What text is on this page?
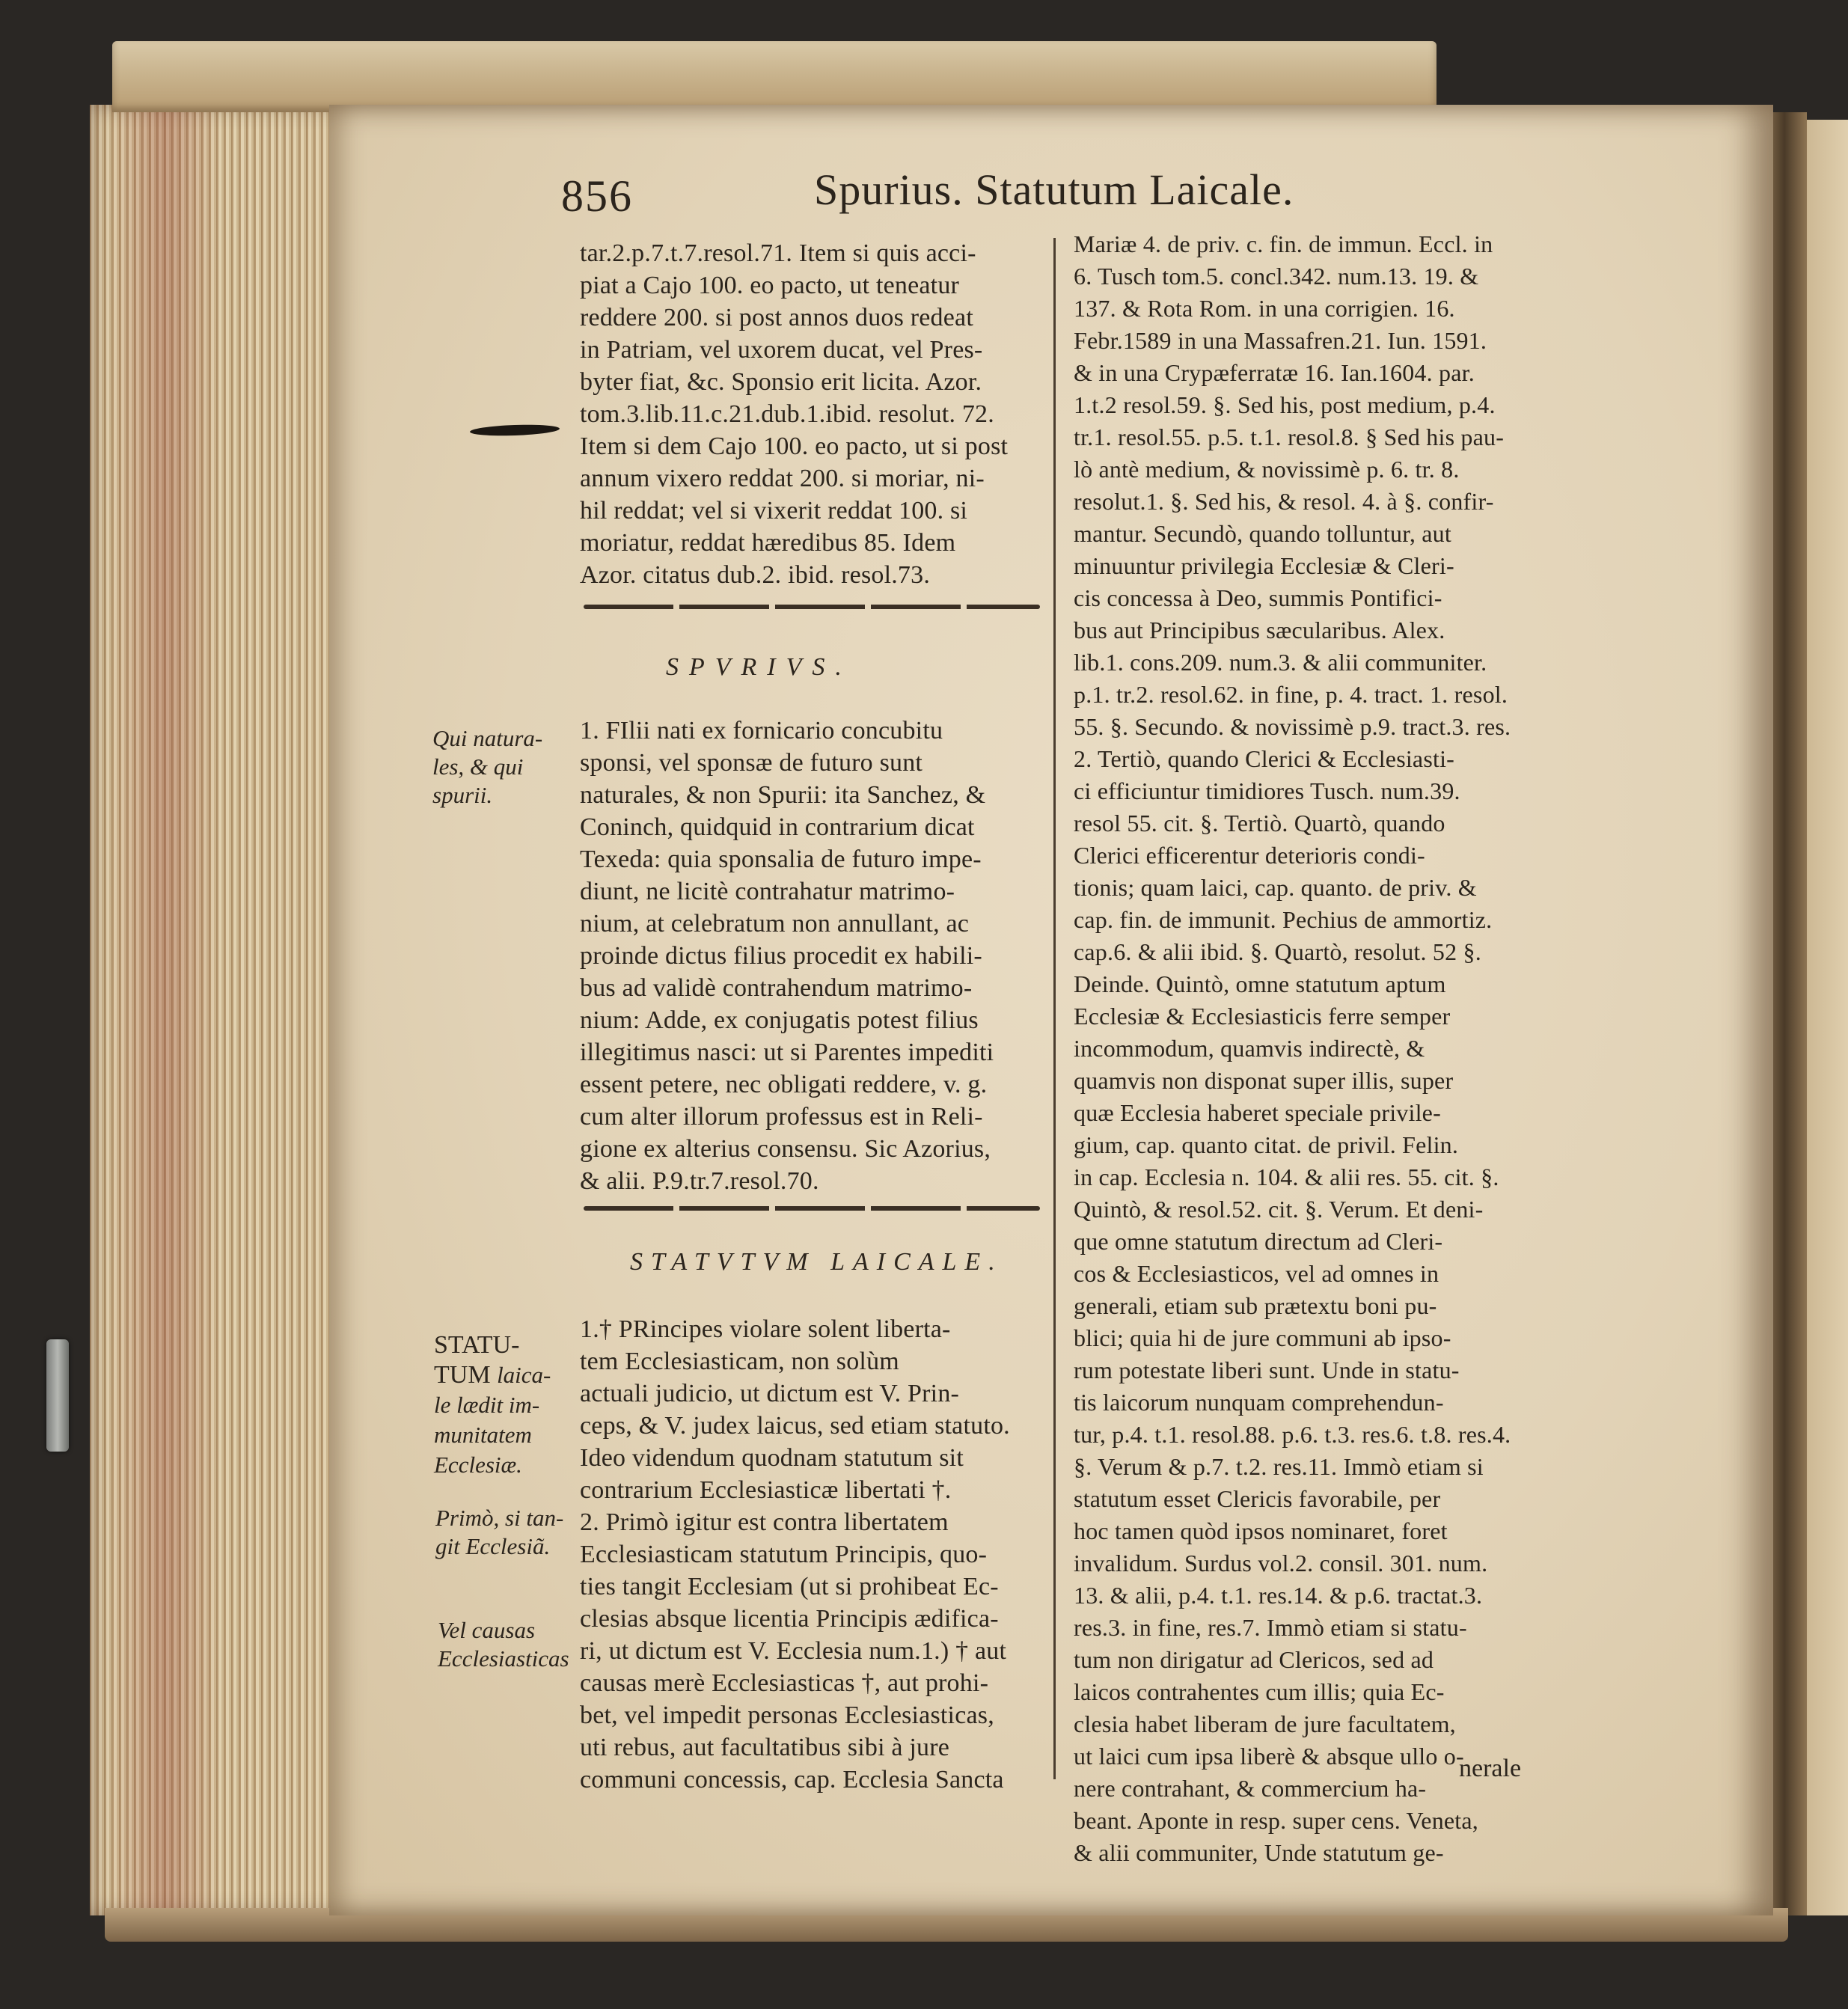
856	Spurius. Statutum Laicale.
tar.2.p.7.t.7.resol.71. Item si quis acci-
piat a Cajo 100. eo pacto, ut teneatur
reddere 200. si post annos duos redeat
in Patriam, vel uxorem ducat, vel Pres-
byter fiat, &c. Sponsio erit licita. Azor.
tom.3.lib.11.c.21.dub.1.ibid. resolut. 72.
Item si dem Cajo 100. eo pacto, ut si post
annum vixero reddat 200. si moriar, ni-
hil reddat; vel si vixerit reddat 100. si
moriatur, reddat hæredibus 85. Idem
Azor. citatus dub.2. ibid. resol.73.
SPVRIVS.
1. FIlii nati ex fornicario concubitu
sponsi, vel sponsæ de futuro sunt
naturales, & non Spurii: ita Sanchez, &
Coninch, quidquid in contrarium dicat
Texeda: quia sponsalia de futuro impe-
diunt, ne licitè contrahatur matrimo-
nium, at celebratum non annullant, ac
proinde dictus filius procedit ex habili-
bus ad validè contrahendum matrimo-
nium: Adde, ex conjugatis potest filius
illegitimus nasci: ut si Parentes impediti
essent petere, nec obligati reddere, v. g.
cum alter illorum professus est in Reli-
gione ex alterius consensu. Sic Azorius,
& alii. P.9.tr.7.resol.70.
STATVTVM LAICALE.
1.† PRincipes violare solent liberta-
tem Ecclesiasticam, non solùm
actuali judicio, ut dictum est V. Prin-
ceps, & V. judex laicus, sed etiam statuto.
Ideo videndum quodnam statutum sit
contrarium Ecclesiasticæ libertati †.
2. Primò igitur est contra libertatem
Ecclesiasticam statutum Principis, quo-
ties tangit Ecclesiam (ut si prohibeat Ec-
clesias absque licentia Principis ædifica-
ri, ut dictum est V. Ecclesia num.1.) † aut
causas merè Ecclesiasticas †, aut prohi-
bet, vel impedit personas Ecclesiasticas,
uti rebus, aut facultatibus sibi à jure
communi concessis, cap. Ecclesia Sancta
Mariæ 4. de priv. c. fin. de immun. Eccl. in
6. Tusch tom.5. concl.342. num.13. 19. &
137. & Rota Rom. in una corrigien. 16.
Febr.1589 in una Massafren.21. Iun. 1591.
& in una Crypæferratæ 16. Ian.1604. par.
1.t.2 resol.59. §. Sed his, post medium, p.4.
tr.1. resol.55. p.5. t.1. resol.8. § Sed his pau-
lò antè medium, & novissimè p. 6. tr. 8.
resolut.1. §. Sed his, & resol. 4. à §. confir-
mantur. Secundò, quando tolluntur, aut
minuuntur privilegia Ecclesiæ & Cleri-
cis concessa à Deo, summis Pontifici-
bus aut Principibus sæcularibus. Alex.
lib.1. cons.209. num.3. & alii communiter.
p.1. tr.2. resol.62. in fine, p. 4. tract. 1. resol.
55. §. Secundo. & novissimè p.9. tract.3. res.
2. Tertiò, quando Clerici & Ecclesiasti-
ci efficiuntur timidiores Tusch. num.39.
resol 55. cit. §. Tertiò. Quartò, quando
Clerici efficerentur deterioris condi-
tionis; quam laici, cap. quanto. de priv. &
cap. fin. de immunit. Pechius de ammortiz.
cap.6. & alii ibid. §. Quartò, resolut. 52 §.
Deinde. Quintò, omne statutum aptum
Ecclesiæ & Ecclesiasticis ferre semper
incommodum, quamvis indirectè, &
quamvis non disponat super illis, super
quæ Ecclesia haberet speciale privile-
gium, cap. quanto citat. de privil. Felin.
in cap. Ecclesia n. 104. & alii res. 55. cit. §.
Quintò, & resol.52. cit. §. Verum. Et deni-
que omne statutum directum ad Cleri-
cos & Ecclesiasticos, vel ad omnes in
generali, etiam sub prætextu boni pu-
blici; quia hi de jure communi ab ipso-
rum potestate liberi sunt. Unde in statu-
tis laicorum nunquam comprehendun-
tur, p.4. t.1. resol.88. p.6. t.3. res.6. t.8. res.4.
§. Verum & p.7. t.2. res.11. Immò etiam si
statutum esset Clericis favorabile, per
hoc tamen quòd ipsos nominaret, foret
invalidum. Surdus vol.2. consil. 301. num.
13. & alii, p.4. t.1. res.14. & p.6. tractat.3.
res.3. in fine, res.7. Immò etiam si statu-
tum non dirigatur ad Clericos, sed ad
laicos contrahentes cum illis; quia Ec-
clesia habet liberam de jure facultatem,
ut laici cum ipsa liberè & absque ullo o-
nere contrahant, & commercium ha-
beant. Aponte in resp. super cens. Veneta,
& alii communiter, Unde statutum ge-
nerale
Qui natura-
les, & qui
spurii.
STATU-
TUM laica-
le lædit im-
munitatem
Ecclesiæ.
Primò, si tan-
git Ecclesiã.
Vel causas
Ecclesiasticas
